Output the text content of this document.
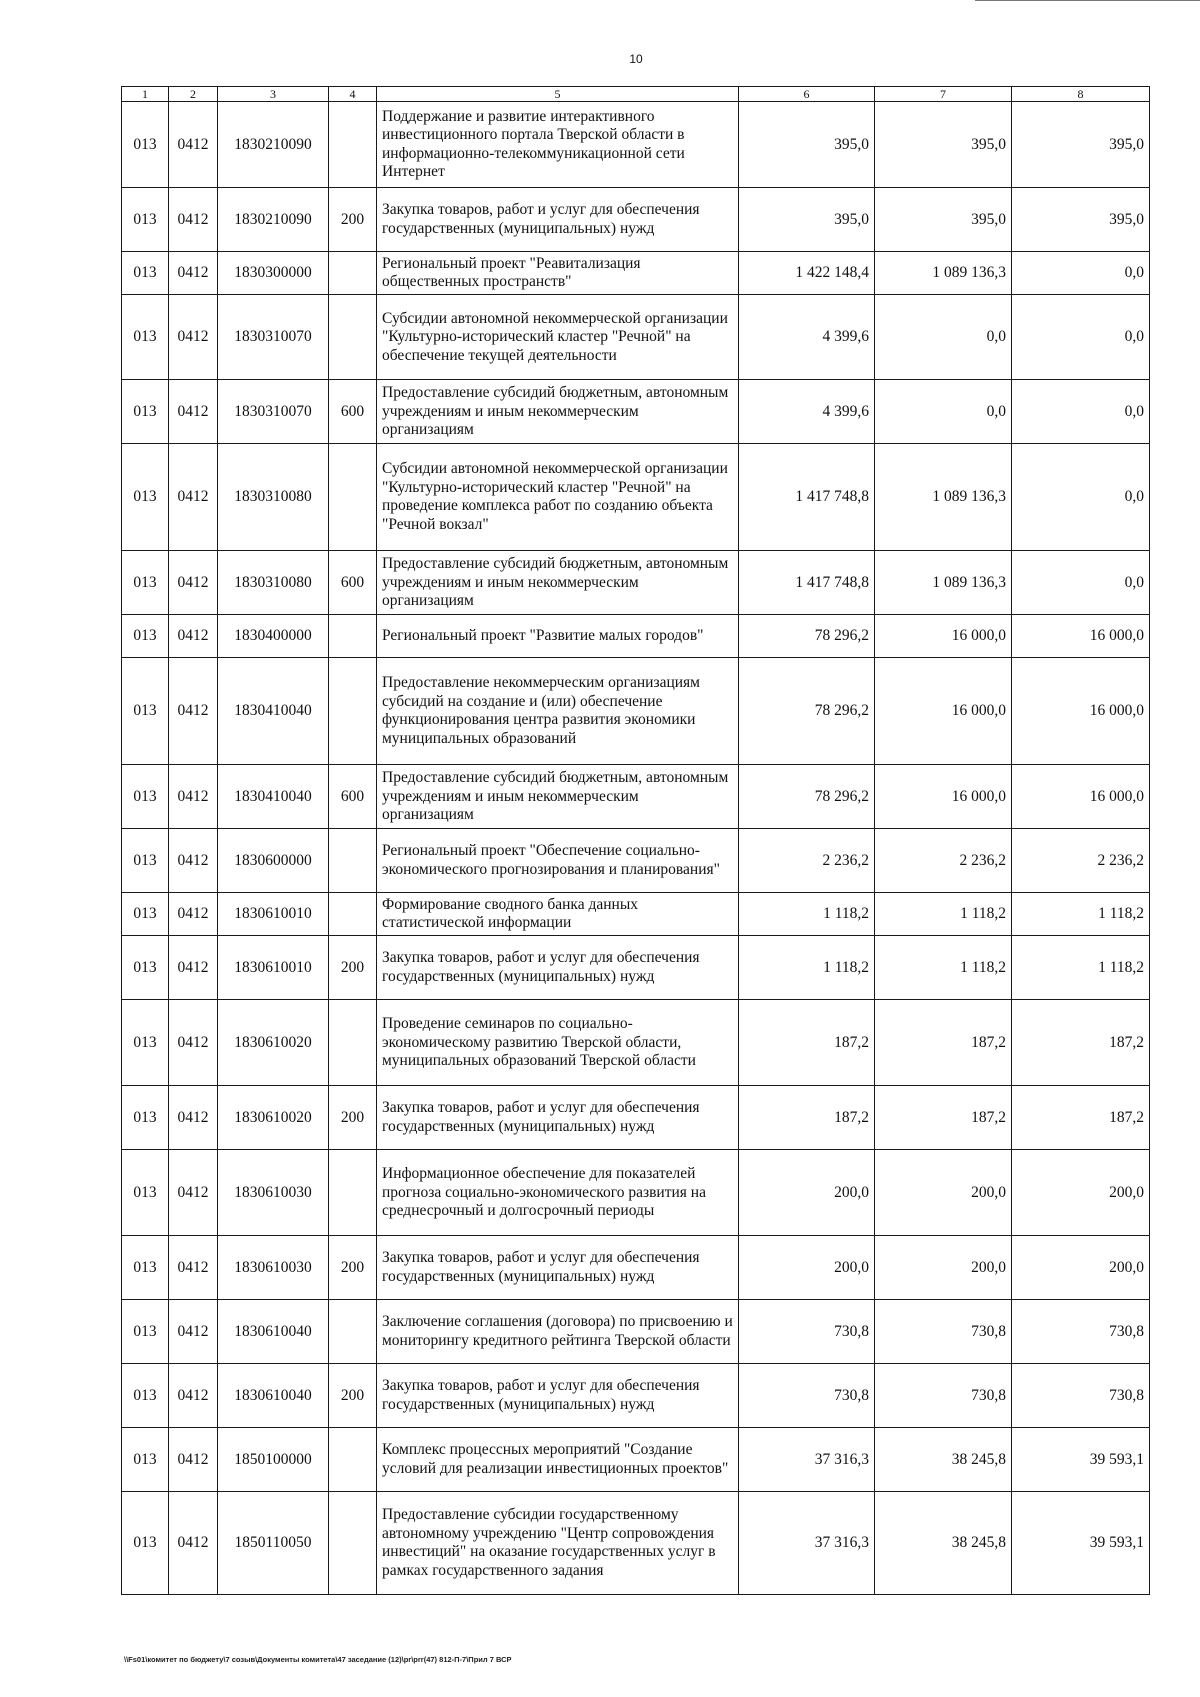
10
1	2	3	4	5	6	7	8
013	0412	1830210090		Поддержание и развитие интерактивного инвестиционного портала Тверской области в информационно-телекоммуникационной сети Интернет	395,0	395,0	395,0
013	0412	1830210090	200	Закупка товаров, работ и услуг для обеспечения государственных (муниципальных) нужд	395,0	395,0	395,0
013	0412	1830300000		Региональный проект "Реавитализация общественных пространств"	1 422 148,4	1 089 136,3	0,0
013	0412	1830310070		Субсидии автономной некоммерческой организации "Культурно-исторический кластер "Речной" на обеспечение текущей деятельности	4 399,6	0,0	0,0
013	0412	1830310070	600	Предоставление субсидий бюджетным, автономным учреждениям и иным некоммерческим организациям	4 399,6	0,0	0,0
013	0412	1830310080		Субсидии автономной некоммерческой организации "Культурно-исторический кластер "Речной" на проведение комплекса работ по созданию объекта "Речной вокзал"	1 417 748,8	1 089 136,3	0,0
013	0412	1830310080	600	Предоставление субсидий бюджетным, автономным учреждениям и иным некоммерческим организациям	1 417 748,8	1 089 136,3	0,0
013	0412	1830400000		Региональный проект "Развитие малых городов"	78 296,2	16 000,0	16 000,0
013	0412	1830410040		Предоставление некоммерческим организациям субсидий на создание и (или) обеспечение функционирования центра развития экономики муниципальных образований	78 296,2	16 000,0	16 000,0
013	0412	1830410040	600	Предоставление субсидий бюджетным, автономным учреждениям и иным некоммерческим организациям	78 296,2	16 000,0	16 000,0
013	0412	1830600000		Региональный проект "Обеспечение социально-экономического прогнозирования и планирования"	2 236,2	2 236,2	2 236,2
013	0412	1830610010		Формирование сводного банка данных статистической информации	1 118,2	1 118,2	1 118,2
013	0412	1830610010	200	Закупка товаров, работ и услуг для обеспечения государственных (муниципальных) нужд	1 118,2	1 118,2	1 118,2
013	0412	1830610020		Проведение семинаров по социально-экономическому развитию Тверской области, муниципальных образований Тверской области	187,2	187,2	187,2
013	0412	1830610020	200	Закупка товаров, работ и услуг для обеспечения государственных (муниципальных) нужд	187,2	187,2	187,2
013	0412	1830610030		Информационное обеспечение для показателей прогноза социально-экономического развития на среднесрочный и долгосрочный периоды	200,0	200,0	200,0
013	0412	1830610030	200	Закупка товаров, работ и услуг для обеспечения государственных (муниципальных) нужд	200,0	200,0	200,0
013	0412	1830610040		Заключение соглашения (договора) по присвоению и мониторингу кредитного рейтинга Тверской области	730,8	730,8	730,8
013	0412	1830610040	200	Закупка товаров, работ и услуг для обеспечения государственных (муниципальных) нужд	730,8	730,8	730,8
013	0412	1850100000		Комплекс процессных мероприятий "Создание условий для реализации инвестиционных проектов"	37 316,3	38 245,8	39 593,1
013	0412	1850110050		Предоставление субсидии государственному автономному учреждению "Центр сопровождения инвестиций" на оказание государственных услуг в рамках государственного задания	37 316,3	38 245,8	39 593,1
\\Fs01\комитет по бюджету\7 созыв\Документы комитета\47 заседание (12)\pr\prr(47) 812-П-7\Прил 7 ВСР
